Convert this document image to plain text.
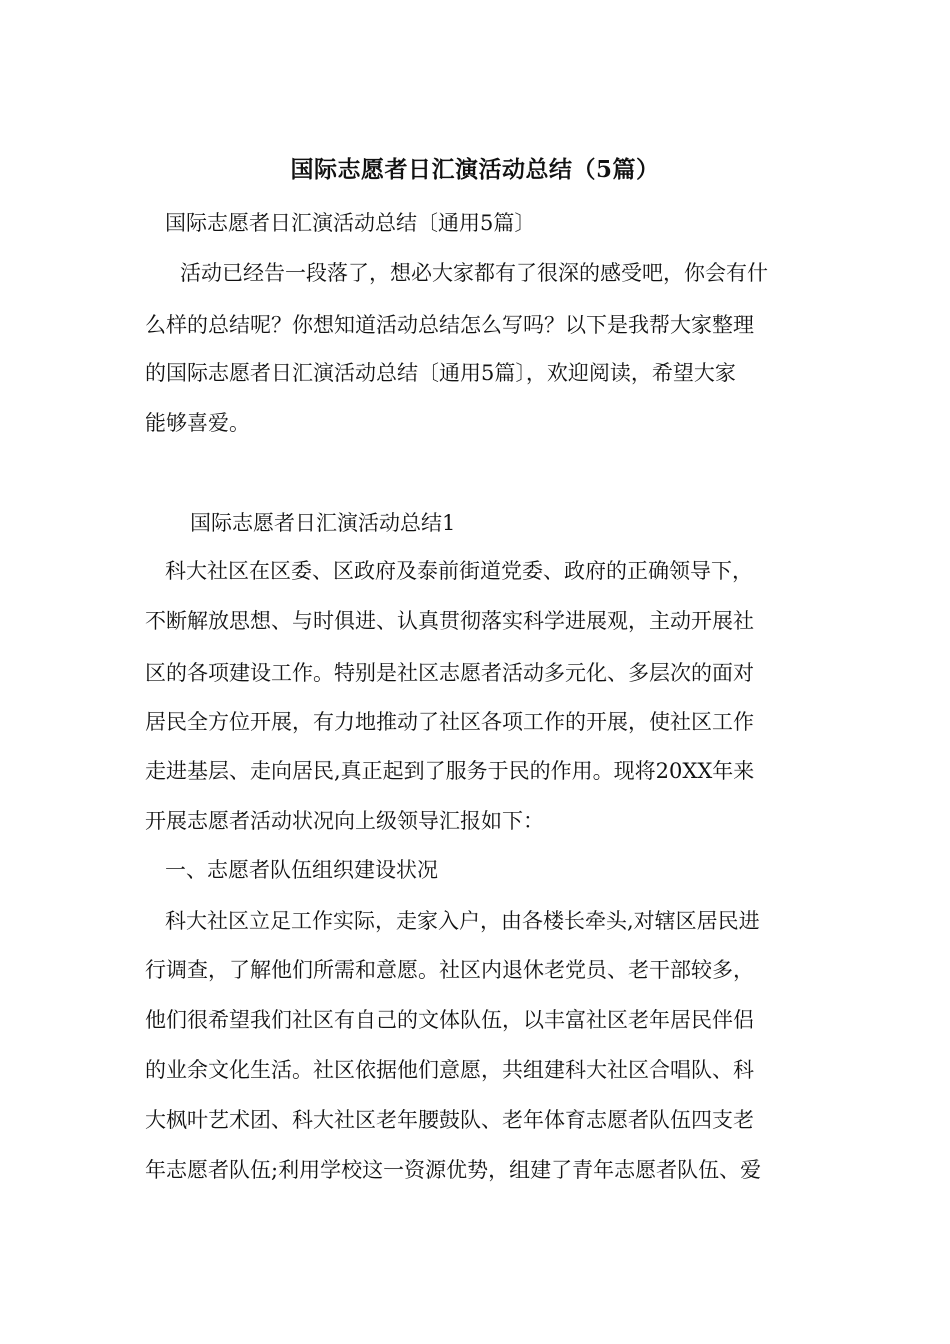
国际志愿者日汇演活动总结（5篇）
国际志愿者日汇演活动总结〔通用5篇〕
活动已经告一段落了，想必大家都有了很深的感受吧，你会有什
么样的总结呢？你想知道活动总结怎么写吗？以下是我帮大家整理
的国际志愿者日汇演活动总结〔通用5篇〕，欢迎阅读，希望大家
能够喜爱。
国际志愿者日汇演活动总结1
科大社区在区委、区政府及泰前街道党委、政府的正确领导下，
不断解放思想、与时俱进、认真贯彻落实科学进展观，主动开展社
区的各项建设工作。特别是社区志愿者活动多元化、多层次的面对
居民全方位开展，有力地推动了社区各项工作的开展，使社区工作
走进基层、走向居民,真正起到了服务于民的作用。现将20XX年来
开展志愿者活动状况向上级领导汇报如下：
一、志愿者队伍组织建设状况
科大社区立足工作实际，走家入户，由各楼长牵头,对辖区居民进
行调查，了解他们所需和意愿。社区内退休老党员、老干部较多，
他们很希望我们社区有自己的文体队伍，以丰富社区老年居民伴侣
的业余文化生活。社区依据他们意愿，共组建科大社区合唱队、科
大枫叶艺术团、科大社区老年腰鼓队、老年体育志愿者队伍四支老
年志愿者队伍;利用学校这一资源优势，组建了青年志愿者队伍、爱
